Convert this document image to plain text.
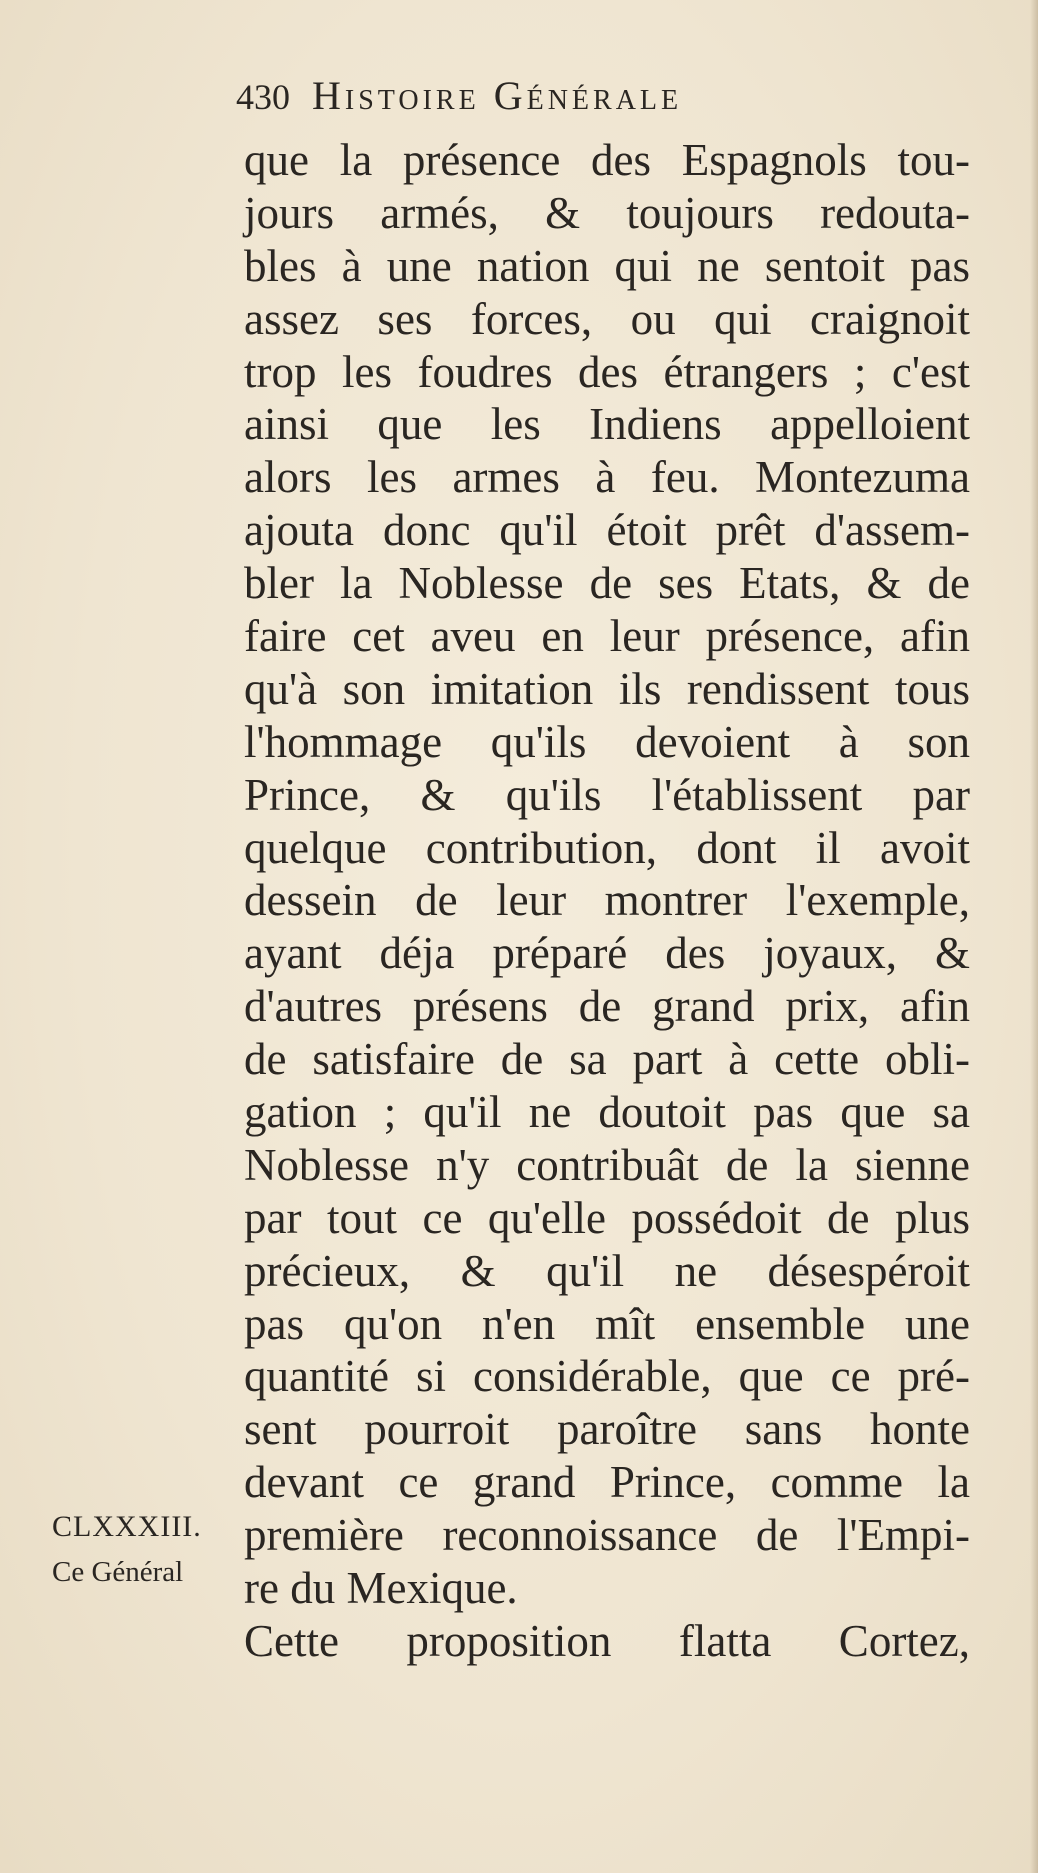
430 Histoire Générale
que la présence des Espagnols tou-
jours armés, & toujours redouta-
bles à une nation qui ne sentoit pas
assez ses forces, ou qui craignoit
trop les foudres des étrangers ; c'est
ainsi que les Indiens appelloient
alors les armes à feu. Montezuma
ajouta donc qu'il étoit prêt d'assem-
bler la Noblesse de ses Etats, & de
faire cet aveu en leur présence, afin
qu'à son imitation ils rendissent tous
l'hommage qu'ils devoient à son
Prince, & qu'ils l'établissent par
quelque contribution, dont il avoit
dessein de leur montrer l'exemple,
ayant déja préparé des joyaux, &
d'autres présens de grand prix, afin
de satisfaire de sa part à cette obli-
gation ; qu'il ne doutoit pas que sa
Noblesse n'y contribuât de la sienne
par tout ce qu'elle possédoit de plus
précieux, & qu'il ne désespéroit
pas qu'on n'en mît ensemble une
quantité si considérable, que ce pré-
sent pourroit paroître sans honte
devant ce grand Prince, comme la
première reconnoissance de l'Empi-
re du Mexique.
Cette proposition flatta Cortez,
CLXXXIII.
Ce Général
